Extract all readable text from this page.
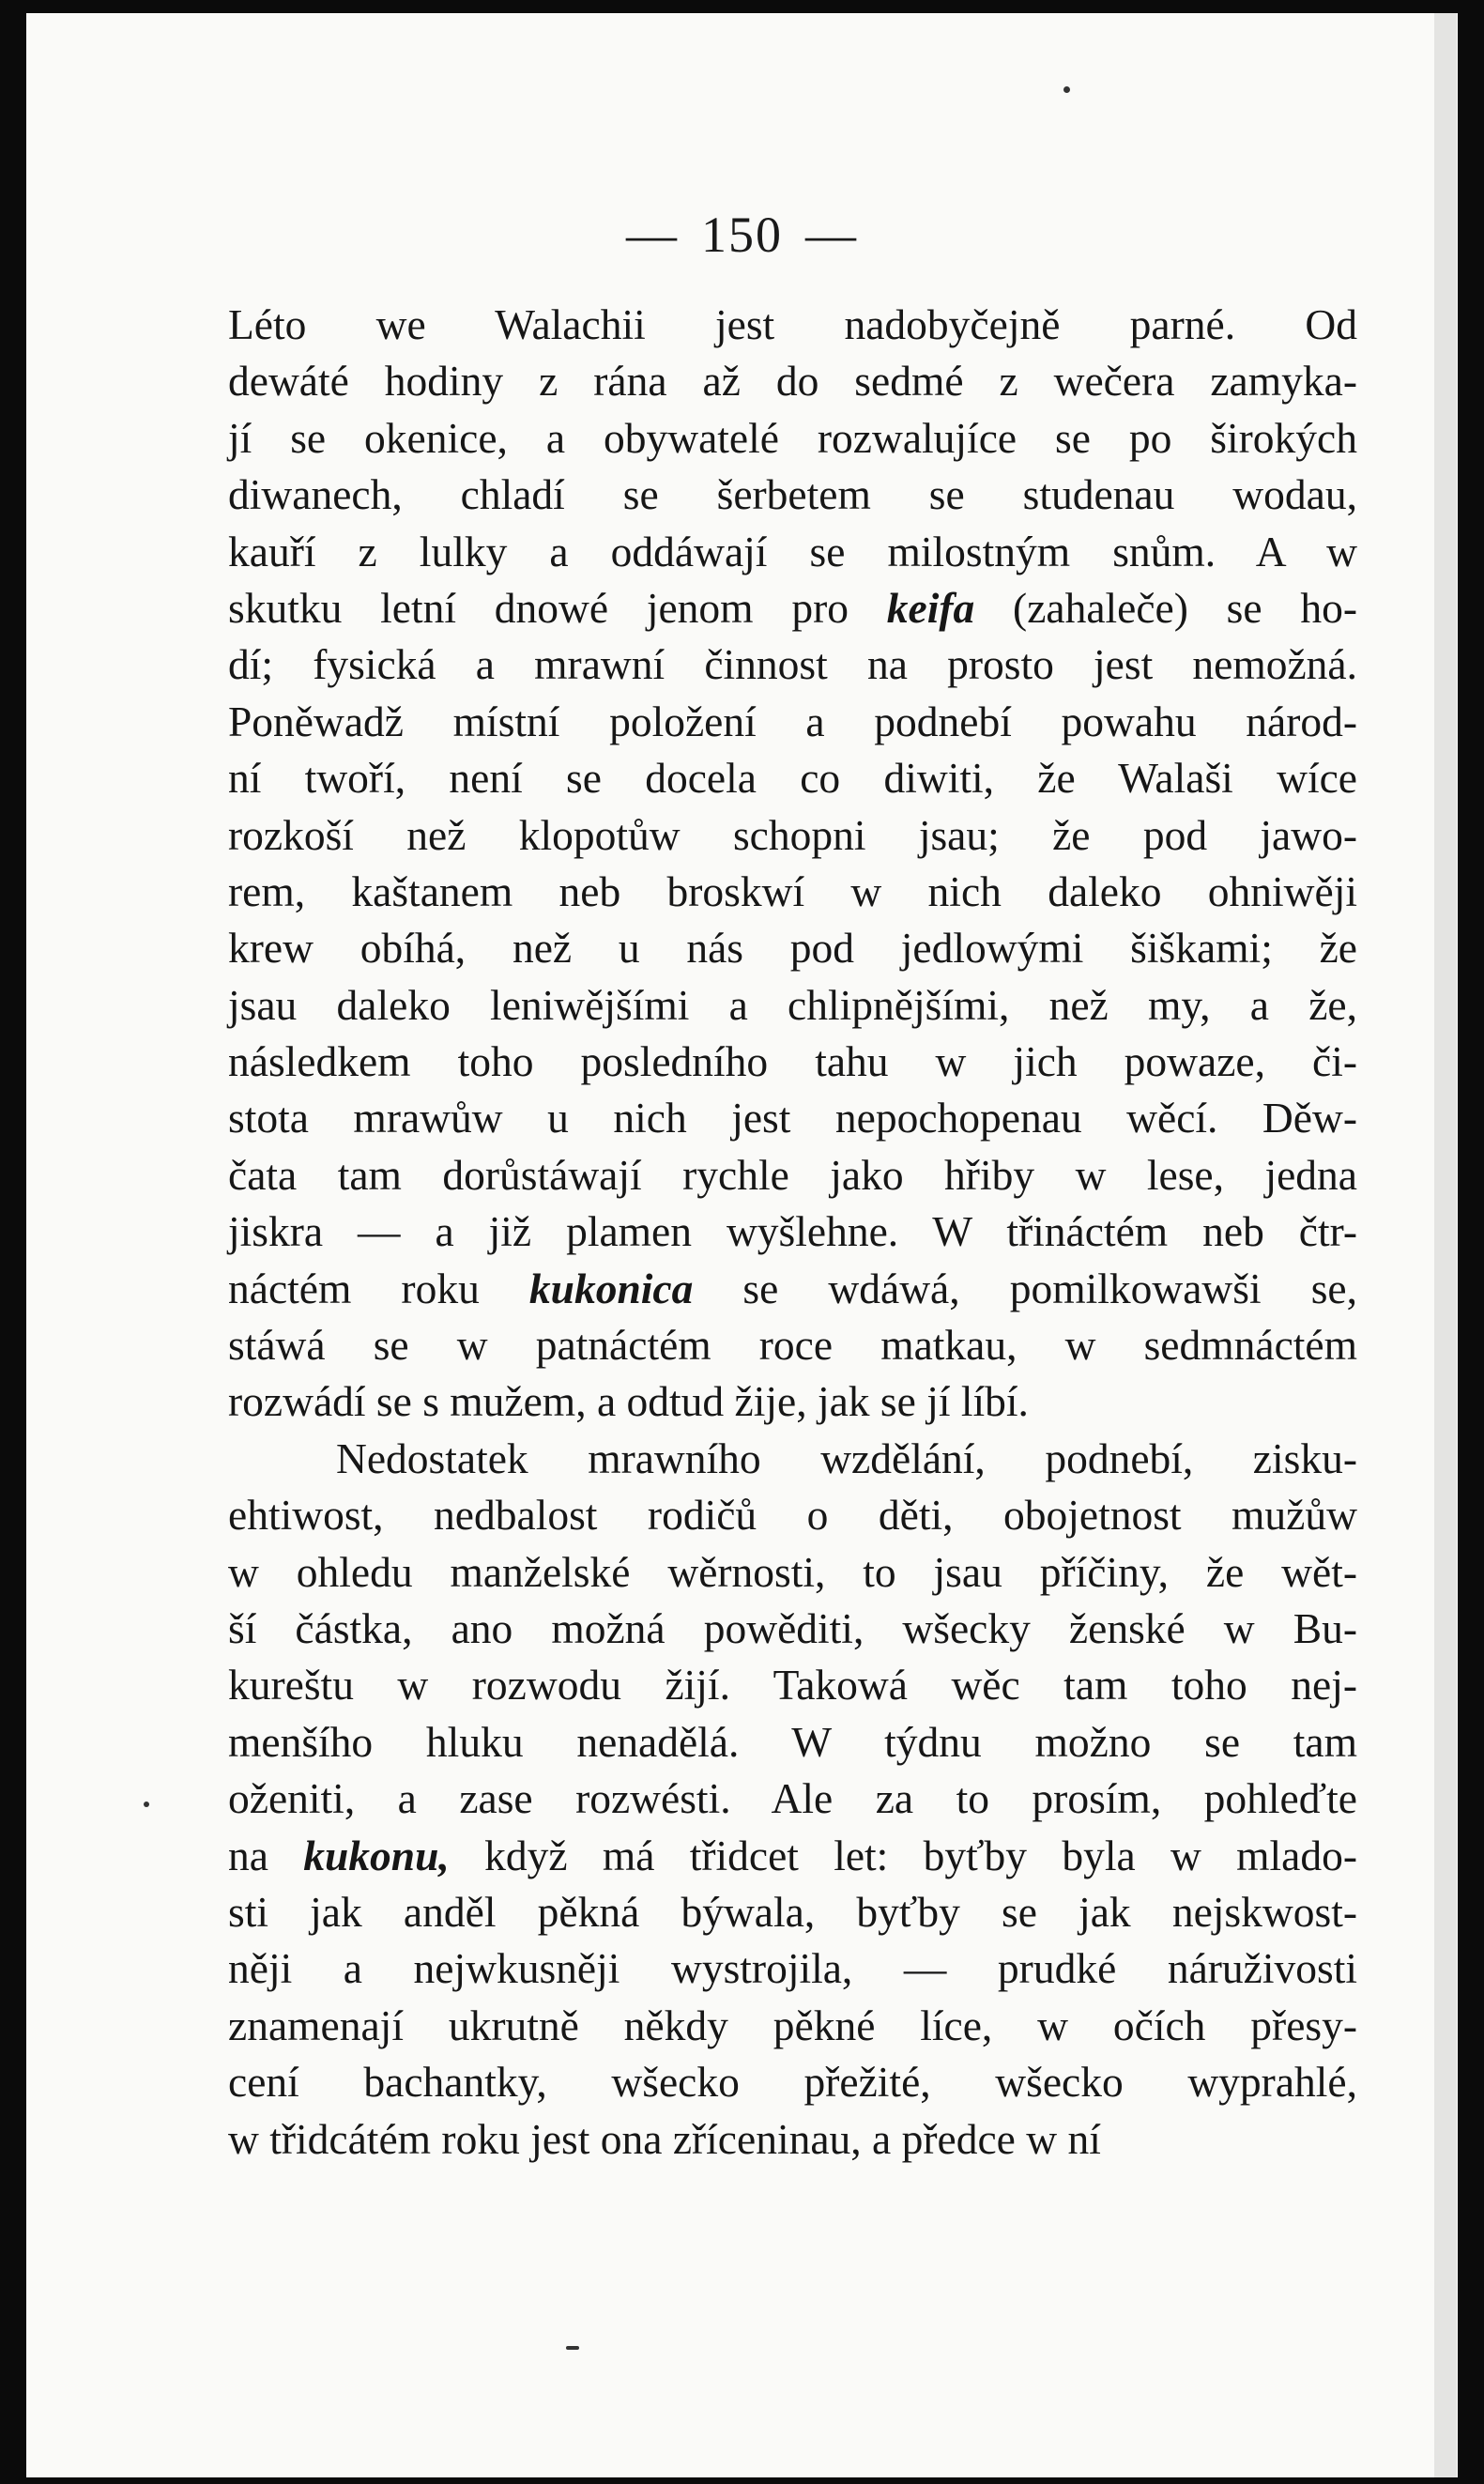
— 150 —
Léto we Walachii jest nadobyčejně parné. Od
dewáté hodiny z rána až do sedmé z wečera zamyka-
jí se okenice, a obywatelé rozwalujíce se po širokých
diwanech, chladí se šerbetem se studenau wodau,
kauří z lulky a oddáwají se milostným snům. A w
skutku letní dnowé jenom pro keifa (zahaleče) se ho-
dí; fysická a mrawní činnost na prosto jest nemožná.
Poněwadž místní položení a podnebí powahu národ-
ní twoří, není se docela co diwiti, že Walaši wíce
rozkoší než klopotůw schopni jsau; že pod jawo-
rem, kaštanem neb broskwí w nich daleko ohniwěji
krew obíhá, než u nás pod jedlowými šiškami; že
jsau daleko leniwějšími a chlipnějšími, než my, a že,
následkem toho posledního tahu w jich powaze, či-
stota mrawůw u nich jest nepochopenau wěcí. Děw-
čata tam dorůstáwají rychle jako hřiby w lese, jedna
jiskra — a již plamen wyšlehne. W třináctém neb čtr-
náctém roku kukonica se wdáwá, pomilkowawši se,
stáwá se w patnáctém roce matkau, w sedmnáctém
rozwádí se s mužem, a odtud žije, jak se jí líbí.
Nedostatek mrawního wzdělání, podnebí, zisku-
ehtiwost, nedbalost rodičů o děti, obojetnost mužůw
w ohledu manželské wěrnosti, to jsau příčiny, že wět-
ší částka, ano možná powěditi, wšecky ženské w Bu-
kureštu w rozwodu žijí. Takowá wěc tam toho nej-
menšího hluku nenadělá. W týdnu možno se tam
oženiti, a zase rozwésti. Ale za to prosím, pohleďte
na kukonu, když má třidcet let: byťby byla w mlado-
sti jak anděl pěkná býwala, byťby se jak nejskwost-
něji a nejwkusněji wystrojila, — prudké náruživosti
znamenají ukrutně někdy pěkné líce, w očích přesy-
cení bachantky, wšecko přežité, wšecko wyprahlé,
w třidcátém roku jest ona zříceninau, a předce w ní
